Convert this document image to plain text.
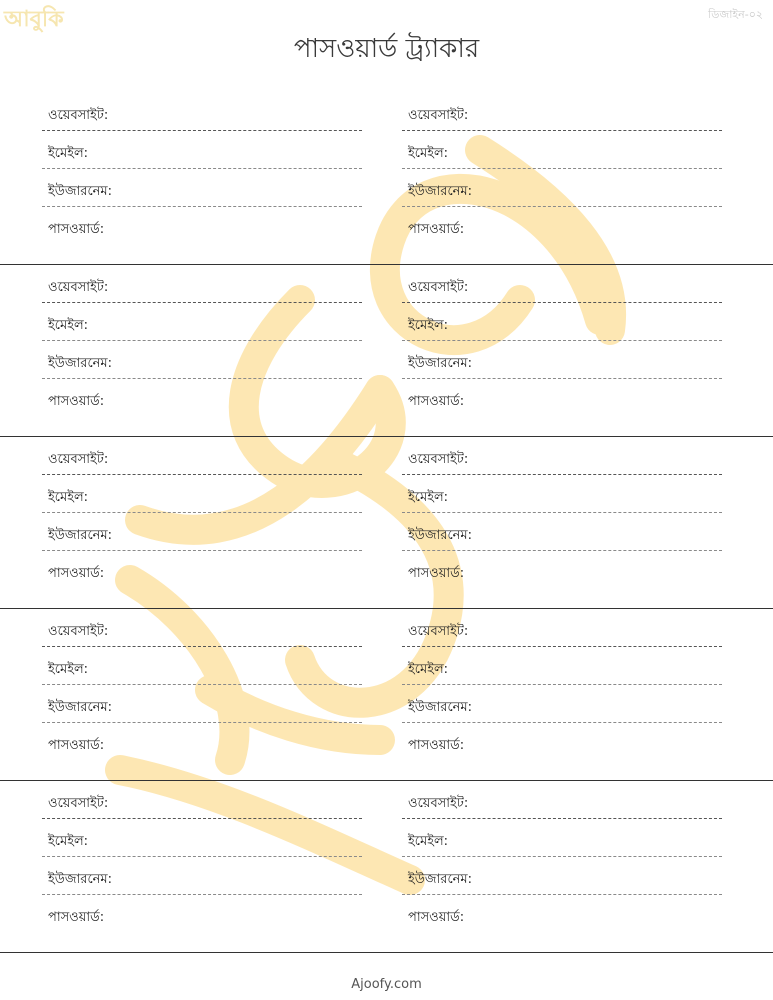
আবুকি	ডিজাইন-০২
পাসওয়ার্ড ট্র্যাকার
ওয়েবসাইট:
ইমেইল:
ইউজারনেম:
পাসওয়ার্ড:
ওয়েবসাইট:
ইমেইল:
ইউজারনেম:
পাসওয়ার্ড:
ওয়েবসাইট:
ইমেইল:
ইউজারনেম:
পাসওয়ার্ড:
ওয়েবসাইট:
ইমেইল:
ইউজারনেম:
পাসওয়ার্ড:
ওয়েবসাইট:
ইমেইল:
ইউজারনেম:
পাসওয়ার্ড:
ওয়েবসাইট:
ইমেইল:
ইউজারনেম:
পাসওয়ার্ড:
ওয়েবসাইট:
ইমেইল:
ইউজারনেম:
পাসওয়ার্ড:
ওয়েবসাইট:
ইমেইল:
ইউজারনেম:
পাসওয়ার্ড:
ওয়েবসাইট:
ইমেইল:
ইউজারনেম:
পাসওয়ার্ড:
ওয়েবসাইট:
ইমেইল:
ইউজারনেম:
পাসওয়ার্ড:
Ajoofy.com
